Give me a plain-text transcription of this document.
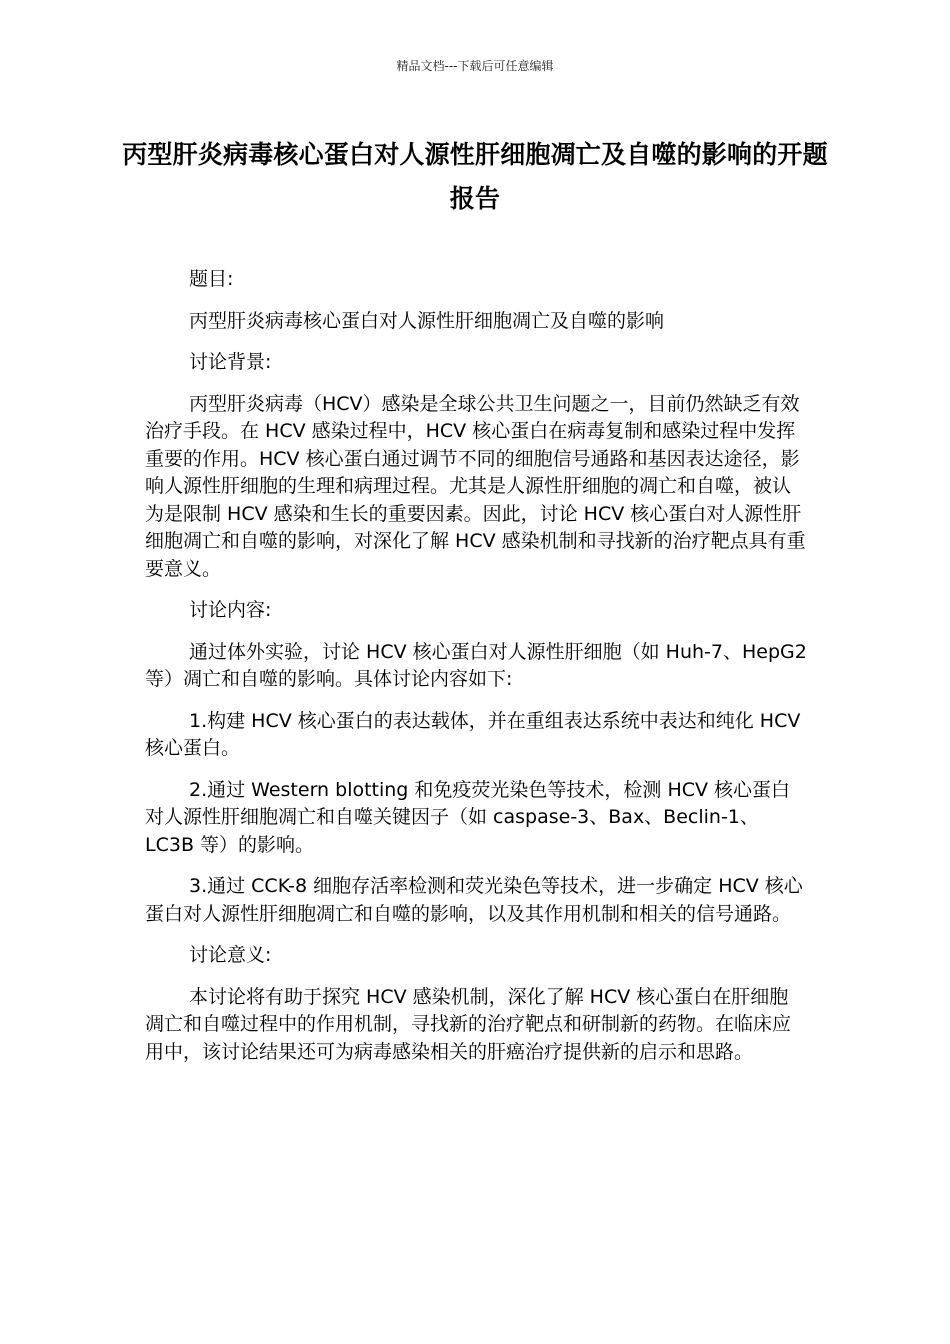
精品文档---下载后可任意编辑
丙型肝炎病毒核心蛋白对人源性肝细胞凋亡及自噬的影响的开题报告

题目:

丙型肝炎病毒核心蛋白对人源性肝细胞凋亡及自噬的影响

讨论背景:

丙型肝炎病毒（HCV）感染是全球公共卫生问题之一，目前仍然缺乏有效治疗手段。在 HCV 感染过程中，HCV 核心蛋白在病毒复制和感染过程中发挥重要的作用。HCV 核心蛋白通过调节不同的细胞信号通路和基因表达途径，影响人源性肝细胞的生理和病理过程。尤其是人源性肝细胞的凋亡和自噬，被认为是限制 HCV 感染和生长的重要因素。因此，讨论 HCV 核心蛋白对人源性肝细胞凋亡和自噬的影响，对深化了解 HCV 感染机制和寻找新的治疗靶点具有重要意义。

讨论内容:

通过体外实验，讨论 HCV 核心蛋白对人源性肝细胞（如 Huh-7、HepG2 等）凋亡和自噬的影响。具体讨论内容如下:

1.构建 HCV 核心蛋白的表达载体，并在重组表达系统中表达和纯化 HCV 核心蛋白。

2.通过 Western blotting 和免疫荧光染色等技术，检测 HCV 核心蛋白对人源性肝细胞凋亡和自噬关键因子（如 caspase-3、Bax、Beclin-1、LC3B 等）的影响。

3.通过 CCK-8 细胞存活率检测和荧光染色等技术，进一步确定 HCV 核心蛋白对人源性肝细胞凋亡和自噬的影响，以及其作用机制和相关的信号通路。

讨论意义:

本讨论将有助于探究 HCV 感染机制，深化了解 HCV 核心蛋白在肝细胞凋亡和自噬过程中的作用机制，寻找新的治疗靶点和研制新的药物。在临床应用中，该讨论结果还可为病毒感染相关的肝癌治疗提供新的启示和思路。
